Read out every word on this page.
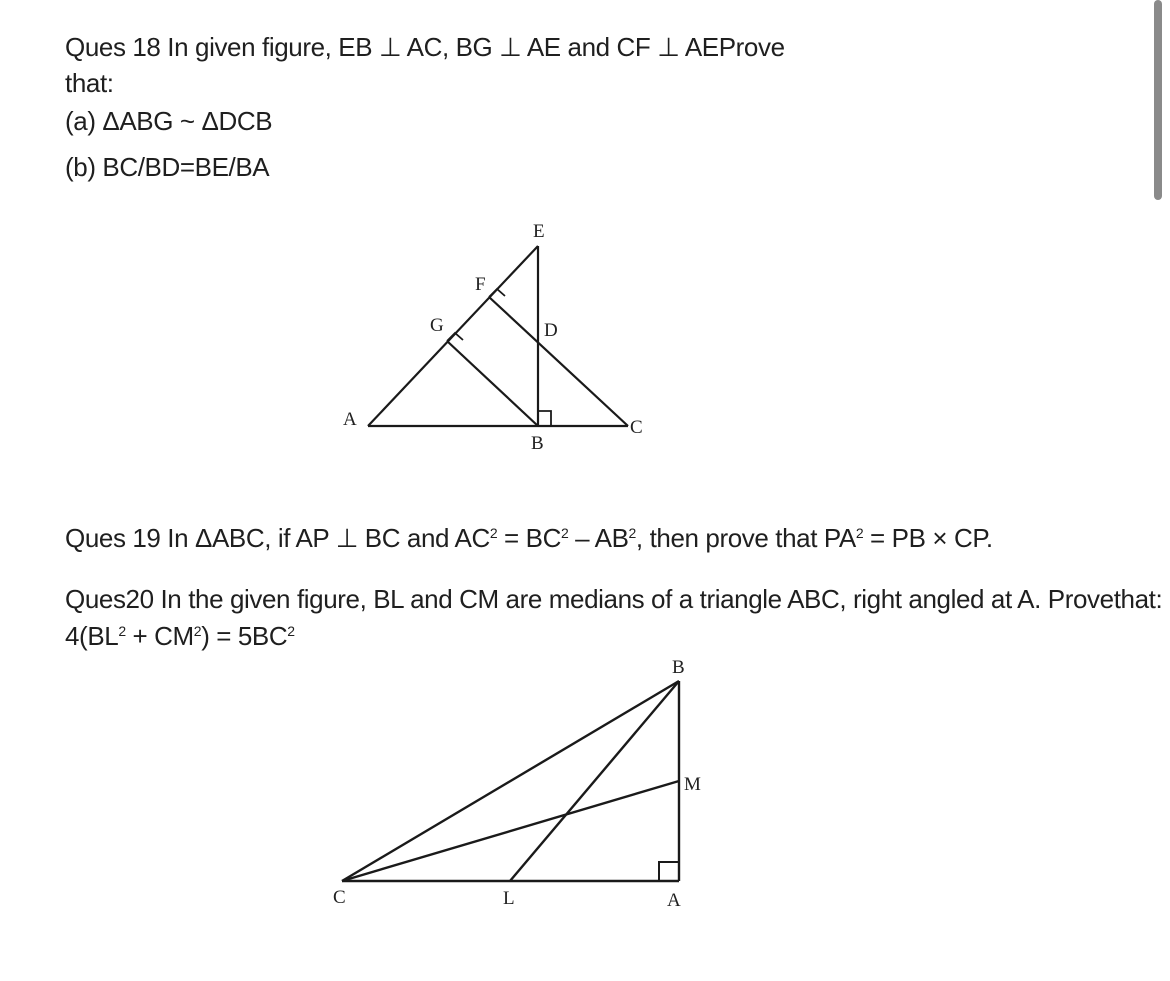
Ques 18 In given figure, EB ⊥ AC, BG ⊥ AE and CF ⊥ AEProve
that:
(a) ΔABG ~ ΔDCB
(b) BC/BD=BE/BA
E
F
G	D
A
B
C
Ques 19 In ΔABC, if AP ⊥ BC and $AC^2 = BC^2 - AB^2$, then prove that $PA^2$ = PB × CP.
Ques20 In the given figure, BL and CM are medians of a triangle ABC, right angled at A. Provethat:
$4(BL^2 + CM^2) = 5BC^2$
B
M
C	L	A
